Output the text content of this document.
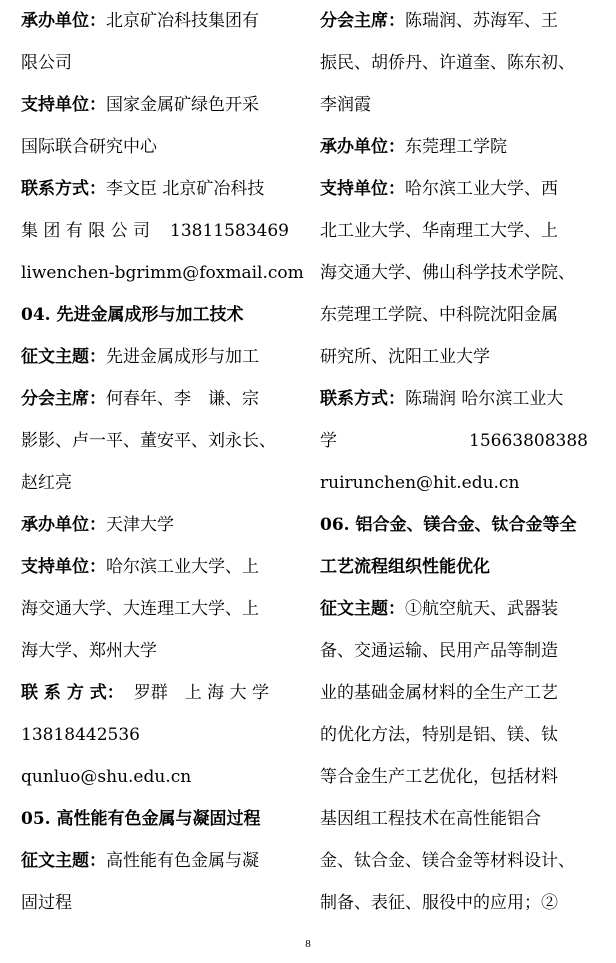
承办单位： 北京矿冶科技集团有
限公司
支持单位： 国家金属矿绿色开采
国际联合研究中心
联系方式： 李文臣 北京矿冶科技
集 团 有 限 公 司 13811583469
liwenchen-bgrimm@foxmail.com
04. 先进金属成形与加工技术
征文主题： 先进金属成形与加工
分会主席： 何春年、李　谦、宗
影影、卢一平、董安平、刘永长、
赵红亮
承办单位： 天津大学
支持单位： 哈尔滨工业大学、上
海交通大学、大连理工大学、上
海大学、郑州大学
联 系 方 式： 罗群　上 海 大 学
13818442536
qunluo@shu.edu.cn
05. 高性能有色金属与凝固过程
征文主题： 高性能有色金属与凝
固过程
分会主席： 陈瑞润、苏海军、王
振民、胡侨丹、许道奎、陈东初、
李润霞
承办单位： 东莞理工学院
支持单位： 哈尔滨工业大学、西
北工业大学、华南理工大学、上
海交通大学、佛山科学技术学院、
东莞理工学院、中科院沈阳金属
研究所、沈阳工业大学
联系方式： 陈瑞润 哈尔滨工业大
学	15663808388
ruirunchen@hit.edu.cn
06. 铝合金、镁合金、钛合金等全
工艺流程组织性能优化
征文主题： ①航空航天、武器装
备、交通运输、民用产品等制造
业的基础金属材料的全生产工艺
的优化方法，特别是铝、镁、钛
等合金生产工艺优化，包括材料
基因组工程技术在高性能铝合
金、钛合金、镁合金等材料设计、
制备、表征、服役中的应用；②
8
